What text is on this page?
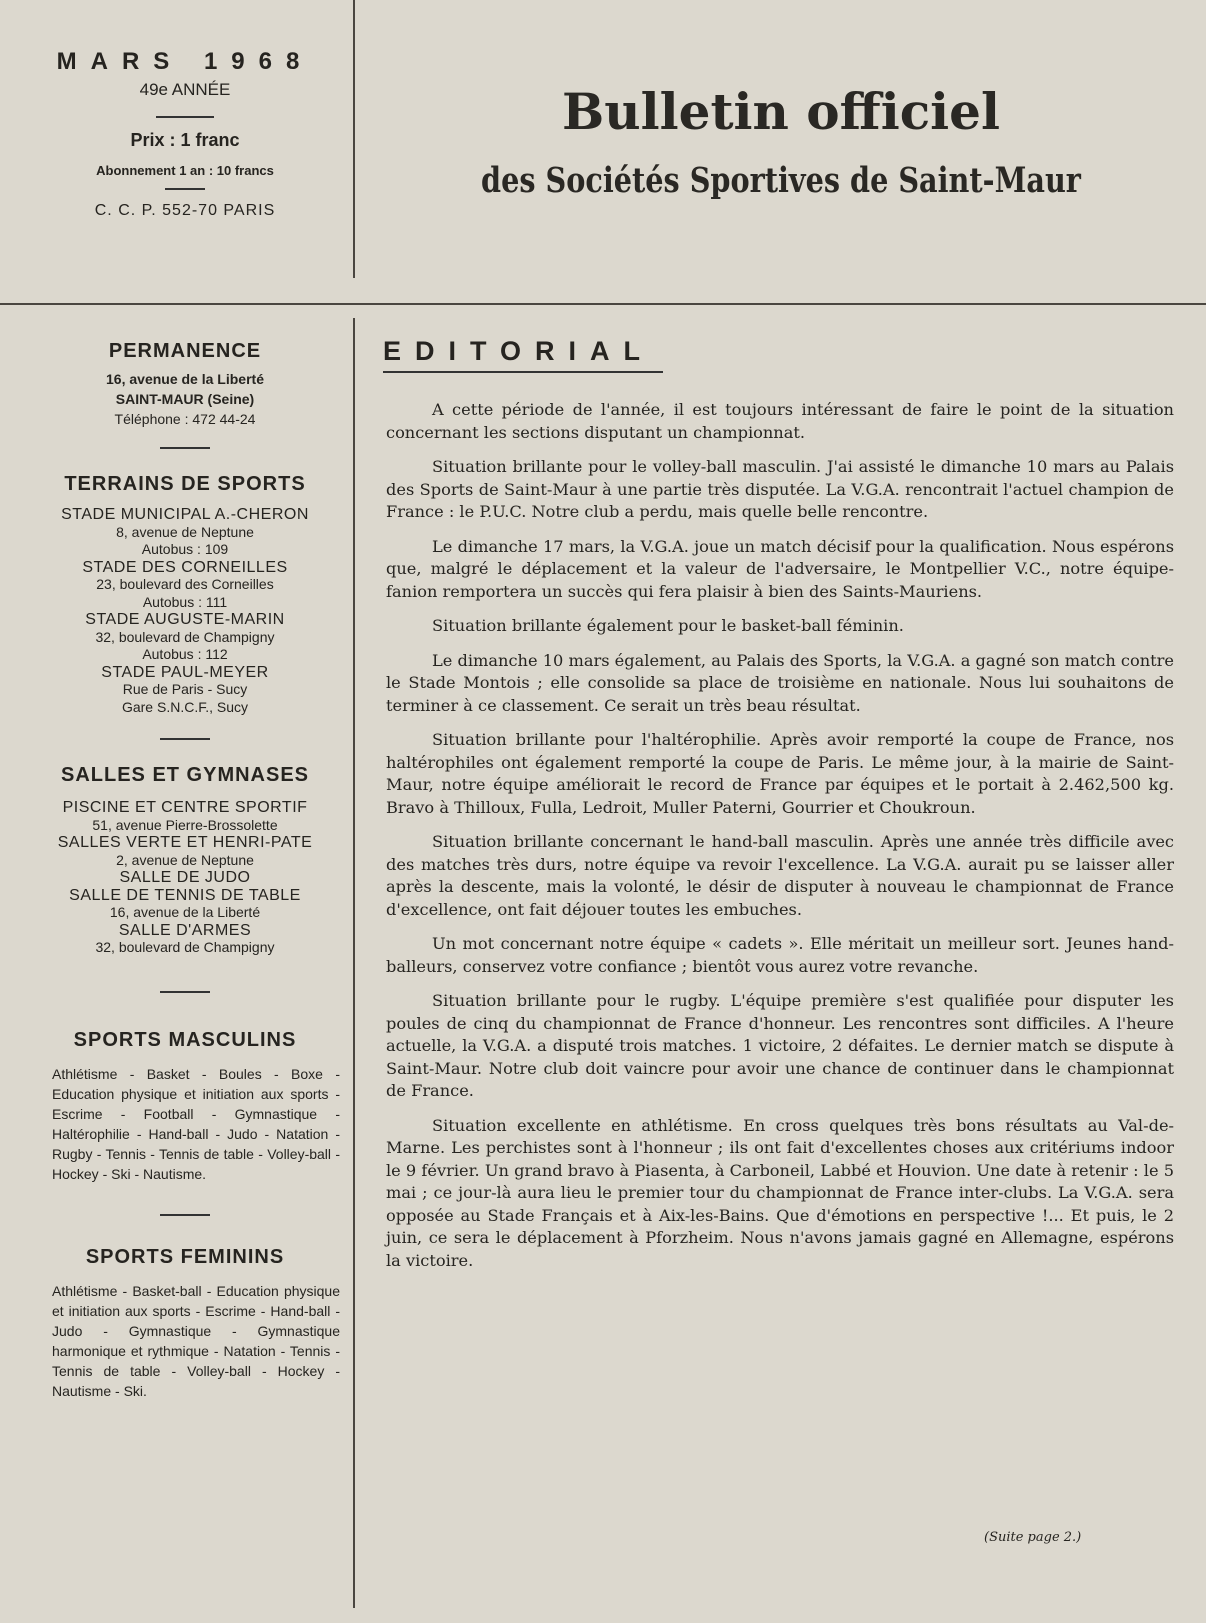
MARS 1968

49e ANNÉE

Prix : 1 franc

Abonnement 1 an : 10 francs

C. C. P. 552-70 PARIS

Bulletin officiel
des Sociétés Sportives de Saint-Maur
PERMANENCE

16, avenue de la Liberté

SAINT-MAUR (Seine)

Téléphone : 472 44-24

TERRAINS DE SPORTS
STADE MUNICIPAL A.-CHERON
8, avenue de Neptune
Autobus : 109
STADE DES CORNEILLES
23, boulevard des Corneilles
Autobus : 111
STADE AUGUSTE-MARIN
32, boulevard de Champigny
Autobus : 112
STADE PAUL-MEYER
Rue de Paris - Sucy
Gare S.N.C.F., Sucy
SALLES ET GYMNASES
PISCINE ET CENTRE SPORTIF
51, avenue Pierre-Brossolette
SALLES VERTE ET HENRI-PATE
2, avenue de Neptune
SALLE DE JUDO
SALLE DE TENNIS DE TABLE
16, avenue de la Liberté
SALLE D'ARMES
32, boulevard de Champigny
SPORTS MASCULINS

Athlétisme - Basket - Boules - Boxe - Education physique et initiation aux sports - Escrime - Football - Gymnastique - Haltérophilie - Hand-ball - Judo - Natation - Rugby - Tennis - Tennis de table - Volley-ball - Hockey - Ski - Nautisme.

SPORTS FEMININS

Athlétisme - Basket-ball - Education physique et initiation aux sports - Escrime - Hand-ball - Judo - Gymnastique - Gymnastique harmonique et rythmique - Natation - Tennis - Tennis de table - Volley-ball - Hockey - Nautisme - Ski.

EDITORIAL

A cette période de l'année, il est toujours intéressant de faire le point de la situation concernant les sections disputant un championnat.

Situation brillante pour le volley-ball masculin. J'ai assisté le dimanche 10 mars au Palais des Sports de Saint-Maur à une partie très disputée. La V.G.A. rencontrait l'actuel champion de France : le P.U.C. Notre club a perdu, mais quelle belle rencontre.

Le dimanche 17 mars, la V.G.A. joue un match décisif pour la qualification. Nous espérons que, malgré le déplacement et la valeur de l'adversaire, le Montpellier V.C., notre équipe-fanion remportera un succès qui fera plaisir à bien des Saints-Mauriens.

Situation brillante également pour le basket-ball féminin.

Le dimanche 10 mars également, au Palais des Sports, la V.G.A. a gagné son match contre le Stade Montois ; elle consolide sa place de troisième en nationale. Nous lui souhaitons de terminer à ce classement. Ce serait un très beau résultat.

Situation brillante pour l'haltérophilie. Après avoir remporté la coupe de France, nos haltérophiles ont également remporté la coupe de Paris. Le même jour, à la mairie de Saint-Maur, notre équipe améliorait le record de France par équipes et le portait à 2.462,500 kg. Bravo à Thilloux, Fulla, Ledroit, Muller Paterni, Gourrier et Choukroun.

Situation brillante concernant le hand-ball masculin. Après une année très difficile avec des matches très durs, notre équipe va revoir l'excellence. La V.G.A. aurait pu se laisser aller après la descente, mais la volonté, le désir de disputer à nouveau le championnat de France d'excellence, ont fait déjouer toutes les embuches.

Un mot concernant notre équipe « cadets ». Elle méritait un meilleur sort. Jeunes hand-balleurs, conservez votre confiance ; bientôt vous aurez votre revanche.

Situation brillante pour le rugby. L'équipe première s'est qualifiée pour disputer les poules de cinq du championnat de France d'honneur. Les rencontres sont difficiles. A l'heure actuelle, la V.G.A. a disputé trois matches. 1 victoire, 2 défaites. Le dernier match se dispute à Saint-Maur. Notre club doit vaincre pour avoir une chance de continuer dans le championnat de France.

Situation excellente en athlétisme. En cross quelques très bons résultats au Val-de-Marne. Les perchistes sont à l'honneur ; ils ont fait d'excellentes choses aux critériums indoor le 9 février. Un grand bravo à Piasenta, à Carboneil, Labbé et Houvion. Une date à retenir : le 5 mai ; ce jour-là aura lieu le premier tour du championnat de France inter-clubs. La V.G.A. sera opposée au Stade Français et à Aix-les-Bains. Que d'émotions en perspective !... Et puis, le 2 juin, ce sera le déplacement à Pforzheim. Nous n'avons jamais gagné en Allemagne, espérons la victoire.

(Suite page 2.)
